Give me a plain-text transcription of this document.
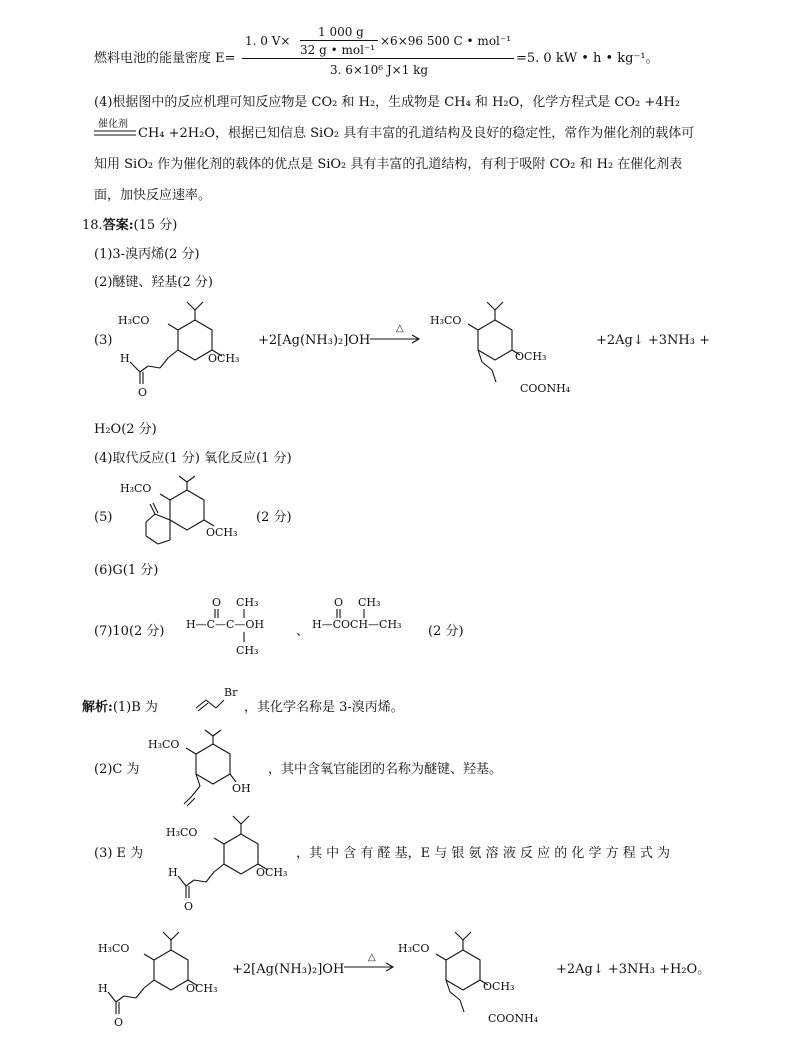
燃料电池的能量密度 E=
1. 0 V×
1 000 g
32 g • mol⁻¹
×6×96 500 C • mol⁻¹
3. 6×10⁶ J×1 kg
=5. 0 kW • h • kg⁻¹。
(4)根据图中的反应机理可知反应物是 CO₂ 和 H₂，生成物是 CH₄ 和 H₂O，化学方程式是 CO₂ +4H₂
催化剂
CH₄ +2H₂O，根据已知信息 SiO₂ 具有丰富的孔道结构及良好的稳定性，常作为催化剂的载体可
知用 SiO₂ 作为催化剂的载体的优点是 SiO₂ 具有丰富的孔道结构，有利于吸附 CO₂ 和 H₂ 在催化剂表
面，加快反应速率。
18.答案:(15 分)
(1)3-溴丙烯(2 分)
(2)醚键、羟基(2 分)
(3)
H₃CO
OCH₃
H
O
+2[Ag(NH₃)₂]OH
△
H₃CO
OCH₃
COONH₄
+2Ag↓ +3NH₃ +
H₂O(2 分)
(4)取代反应(1 分) 氧化反应(1 分)
(5)
H₃CO
OCH₃
(2 分)
(6)G(1 分)
(7)10(2 分)
O CH₃
H—C—C—OH
CH₃
、
O CH₃
H—COCH—CH₃ (2 分)
解析:(1)B 为
Br
，其化学名称是 3-溴丙烯。
(2)C 为
H₃CO
OH
，其中含氧官能团的名称为醚键、羟基。
(3) E 为
H₃CO
OCH₃
H
O
，其 中 含 有 醛 基，E 与 银 氨 溶 液 反 应 的 化 学 方 程 式 为
H₃CO
OCH₃
H
O
+2[Ag(NH₃)₂]OH
△
H₃CO
OCH₃
COONH₄
+2Ag↓ +3NH₃ +H₂O。
